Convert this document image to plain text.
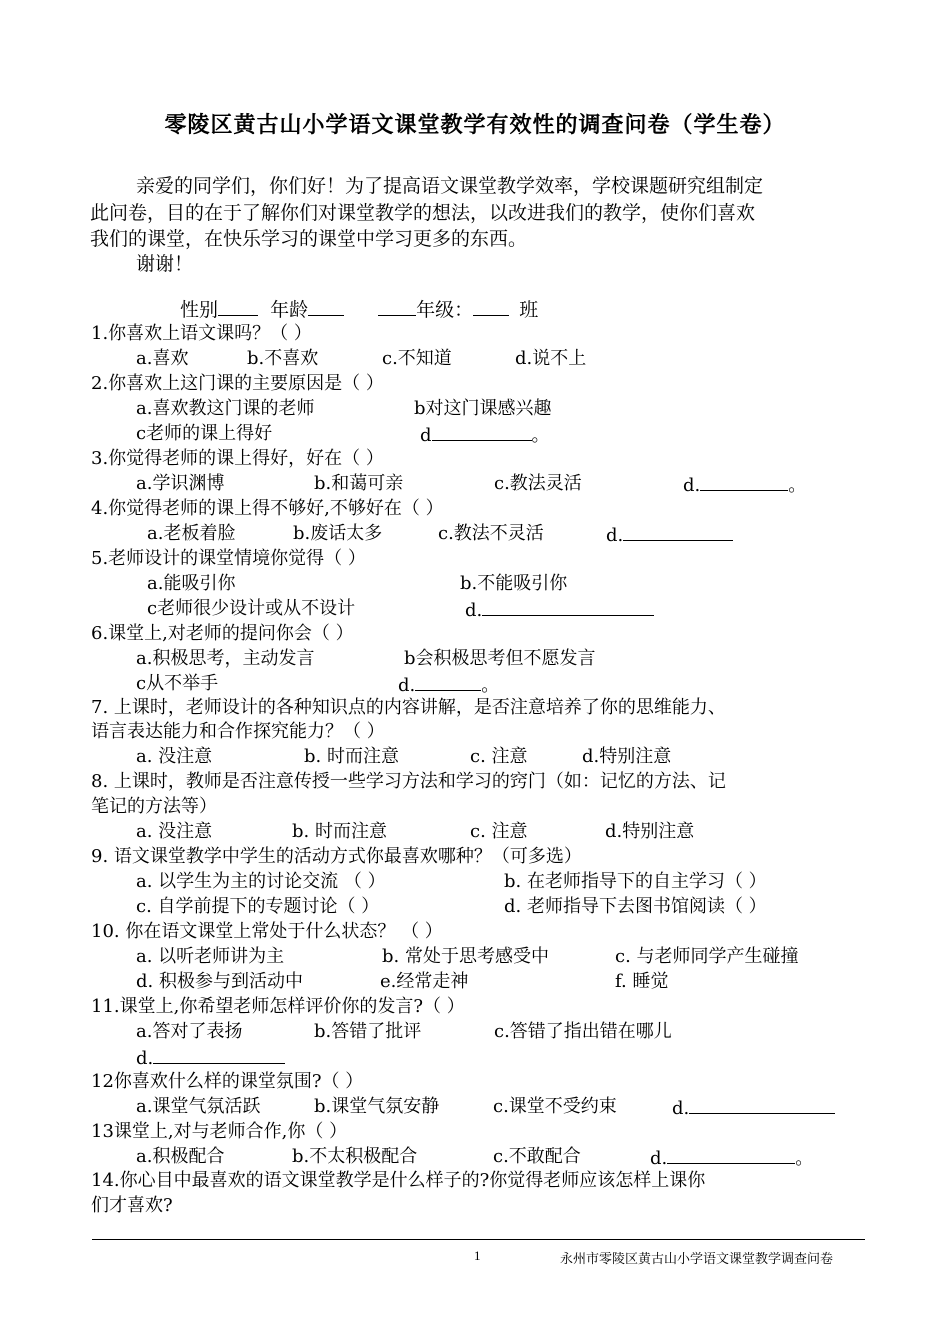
零陵区黄古山小学语文课堂教学有效性的调查问卷（学生卷）
亲爱的同学们，你们好！为了提高语文课堂教学效率，学校课题研究组制定
此问卷，目的在于了解你们对课堂教学的想法，以改进我们的教学，使你们喜欢
我们的课堂，在快乐学习的课堂中学习更多的东西。
谢谢！
性别	年龄	年级： 班
1.你喜欢上语文课吗？（ ）
a.喜欢	b.不喜欢	c.不知道	d.说不上
2.你喜欢上这门课的主要原因是（ ）
a.喜欢教这门课的老师	b对这门课感兴趣
c老师的课上得好	d	。
3.你觉得老师的课上得好，好在（ ）
a.学识渊博	b.和蔼可亲	c.教法灵活	d.	。
4.你觉得老师的课上得不够好,不够好在（ ）
a.老板着脸	b.废话太多	c.教法不灵活	d.
5.老师设计的课堂情境你觉得（ ）
a.能吸引你	b.不能吸引你
c老师很少设计或从不设计	d.
6.课堂上,对老师的提问你会（ ）
a.积极思考，主动发言	b会积极思考但不愿发言
c从不举手	d.	。
7. 上课时，老师设计的各种知识点的内容讲解，是否注意培养了你的思维能力、
语言表达能力和合作探究能力？（ ）
a. 没注意	b. 时而注意	c. 注意	d.特别注意
8. 上课时，教师是否注意传授一些学习方法和学习的窍门（如：记忆的方法、记
笔记的方法等）
a. 没注意	b. 时而注意	c. 注意	d.特别注意
9. 语文课堂教学中学生的活动方式你最喜欢哪种？（可多选）
a. 以学生为主的讨论交流 （ ）	b. 在老师指导下的自主学习（ ）
c. 自学前提下的专题讨论（ ）	d. 老师指导下去图书馆阅读（ ）
10. 你在语文课堂上常处于什么状态？ （ ）
a. 以听老师讲为主	b. 常处于思考感受中	c. 与老师同学产生碰撞
d. 积极参与到活动中	e.经常走神	f. 睡觉
11.课堂上,你希望老师怎样评价你的发言?（ ）
a.答对了表扬	b.答错了批评	c.答错了指出错在哪儿
d.
12你喜欢什么样的课堂氛围?（ ）
a.课堂气氛活跃	b.课堂气氛安静	c.课堂不受约束	d.
13课堂上,对与老师合作,你（ ）
a.积极配合	b.不太积极配合	c.不敢配合	d.	。
14.你心目中最喜欢的语文课堂教学是什么样子的?你觉得老师应该怎样上课你
们才喜欢?
1	永州市零陵区黄古山小学语文课堂教学调查问卷
